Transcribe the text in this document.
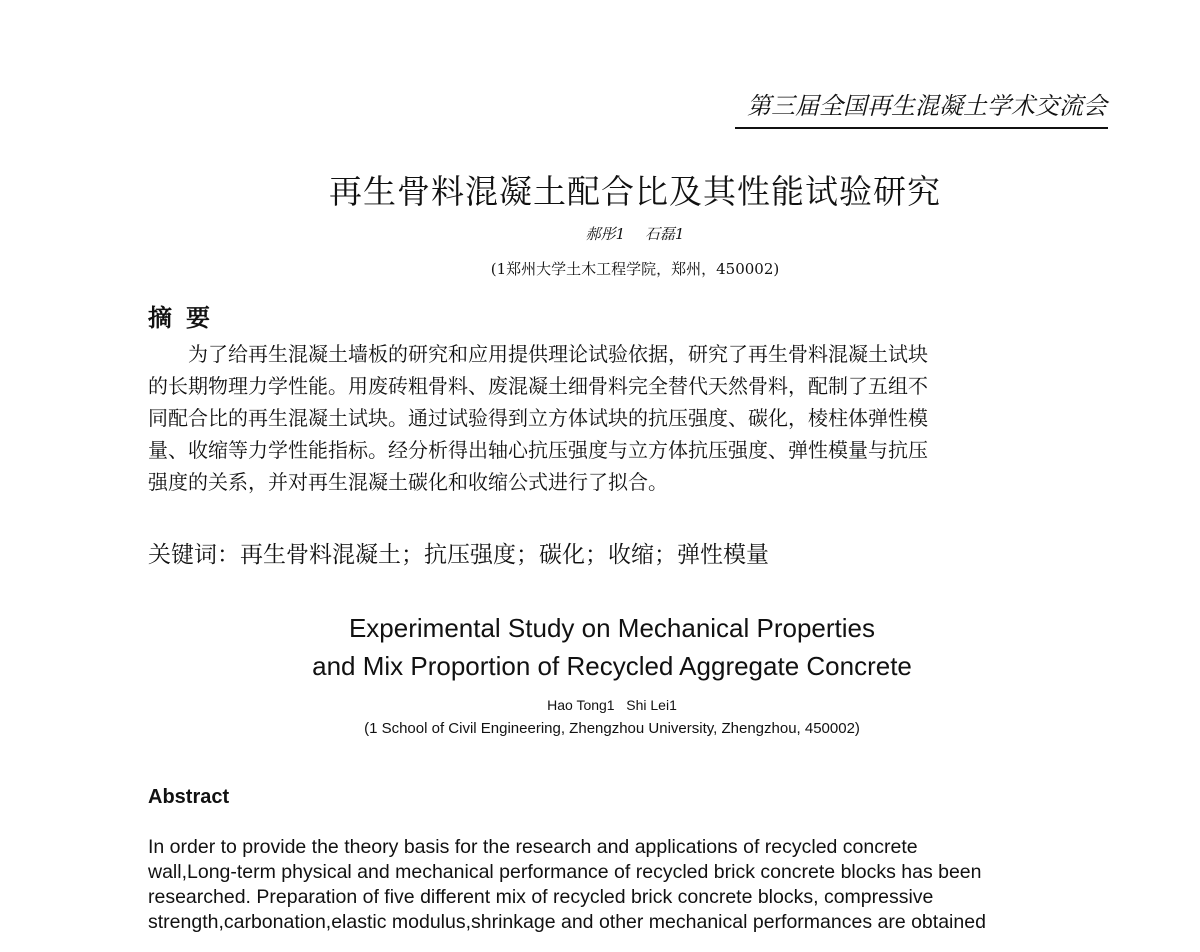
第三届全国再生混凝土学术交流会
再生骨料混凝土配合比及其性能试验研究
郝彤1　 石磊1
(1郑州大学土木工程学院，郑州，450002)
摘要
　　为了给再生混凝土墙板的研究和应用提供理论试验依据，研究了再生骨料混凝土试块
的长期物理力学性能。用废砖粗骨料、废混凝土细骨料完全替代天然骨料，配制了五组不
同配合比的再生混凝土试块。通过试验得到立方体试块的抗压强度、碳化，棱柱体弹性模
量、收缩等力学性能指标。经分析得出轴心抗压强度与立方体抗压强度、弹性模量与抗压
强度的关系，并对再生混凝土碳化和收缩公式进行了拟合。
关键词：再生骨料混凝土；抗压强度；碳化；收缩；弹性模量
Experimental Study on Mechanical Properties
and Mix Proportion of Recycled Aggregate Concrete
Hao Tong1   Shi Lei1
(1 School of Civil Engineering, Zhengzhou University, Zhengzhou, 450002)
Abstract
In order to provide the theory basis for the research and applications of recycled concrete
wall,Long-term physical and mechanical performance of recycled brick concrete blocks has been
researched. Preparation of five different mix of recycled brick concrete blocks, compressive
strength,carbonation,elastic modulus,shrinkage and other mechanical performances are obtained
